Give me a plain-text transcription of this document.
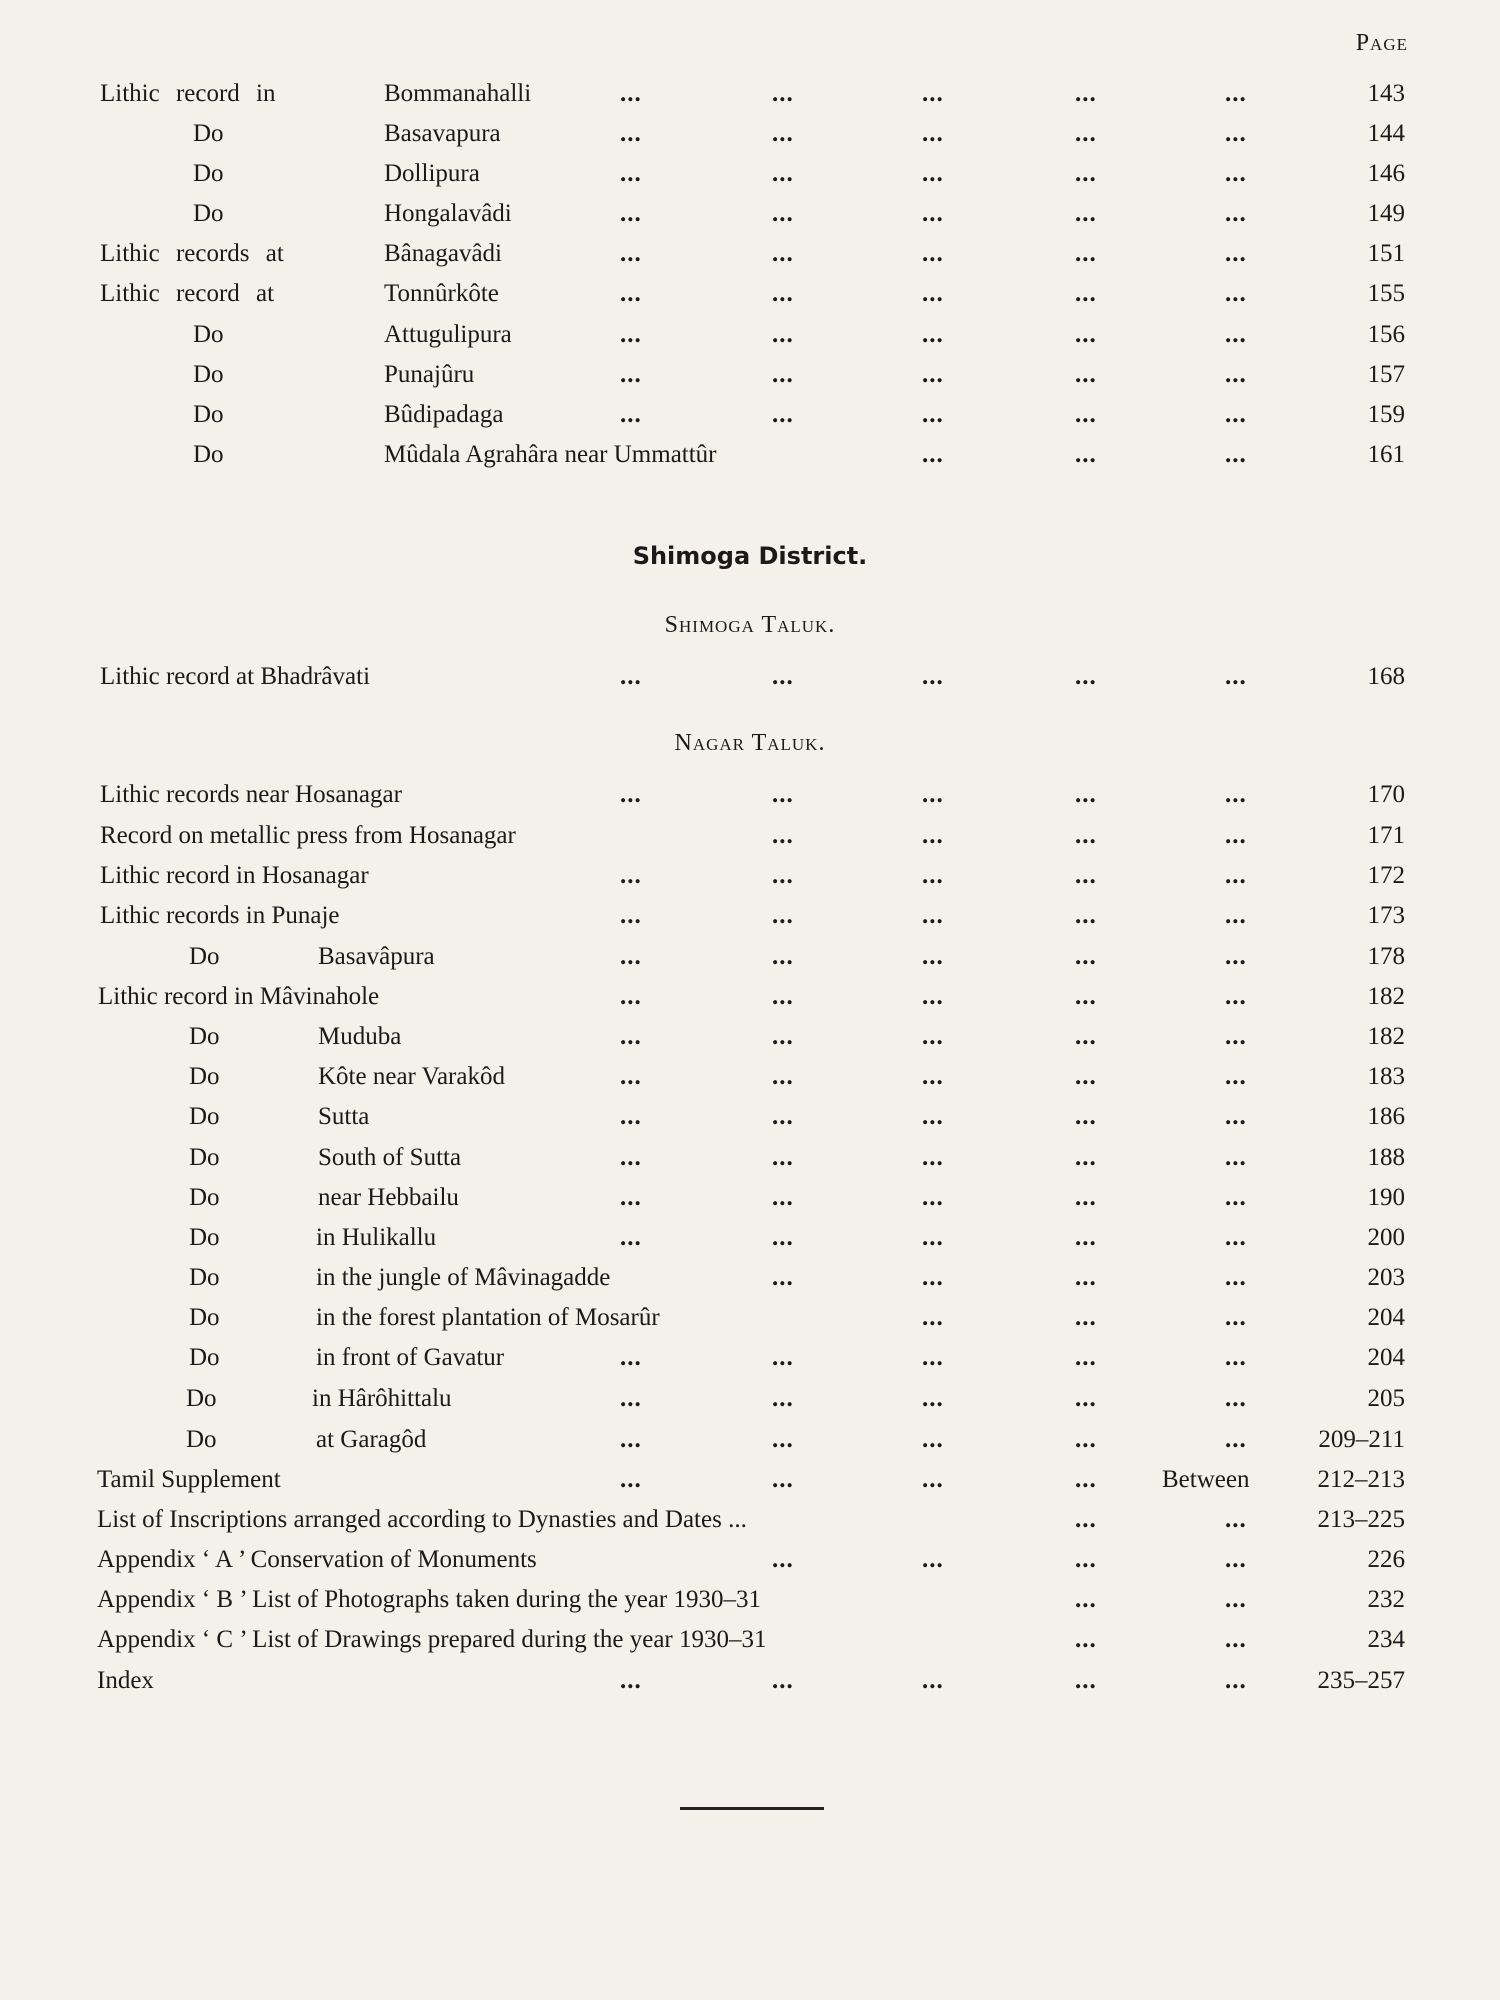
Page
Lithic record in	Bommanahalli	...	...	...	...	...	143
Do	Basavapura	...	...	...	...	...	144
Do	Dollipura	...	...	...	...	...	146
Do	Hongalavâdi	...	...	...	...	...	149
Lithic records at	Bânagavâdi	...	...	...	...	...	151
Lithic record at	Tonnûrkôte	...	...	...	...	...	155
Do	Attugulipura	...	...	...	...	...	156
Do	Punajûru	...	...	...	...	...	157
Do	Bûdipadaga	...	...	...	...	...	159
Do	Mûdala Agrahâra near Ummattûr	...	...	...	161
Shimoga District.
Shimoga Taluk.
Lithic record at Bhadrâvati	...	...	...	...	...	168
Nagar Taluk.
Lithic records near Hosanagar	...	...	...	...	...	170
Record on metallic press from Hosanagar	...	...	...	...	171
Lithic record in Hosanagar	...	...	...	...	...	172
Lithic records in Punaje	...	...	...	...	...	173
Do	Basavâpura	...	...	...	...	...	178
Lithic record in Mâvinahole	...	...	...	...	...	182
Do	Muduba	...	...	...	...	...	182
Do	Kôte near Varakôd	...	...	...	...	...	183
Do	Sutta	...	...	...	...	...	186
Do	South of Sutta	...	...	...	...	...	188
Do	near Hebbailu	...	...	...	...	...	190
Do	in Hulikallu	...	...	...	...	...	200
Do	in the jungle of Mâvinagadde	...	...	...	...	203
Do	in the forest plantation of Mosarûr	...	...	...	204
Do	in front of Gavatur	...	...	...	...	...	204
Do	in Hârôhittalu	...	...	...	...	...	205
Do	at Garagôd	...	...	...	...	...	209–211
Tamil Supplement	...	...	...	...	Between	212–213
List of Inscriptions arranged according to Dynasties and Dates ...	...	...	213–225
Appendix ‘ A ’ Conservation of Monuments	...	...	...	...	226
Appendix ‘ B ’ List of Photographs taken during the year 1930–31	...	...	232
Appendix ‘ C ’ List of Drawings prepared during the year 1930–31	...	...	234
Index	...	...	...	...	...	235–257
